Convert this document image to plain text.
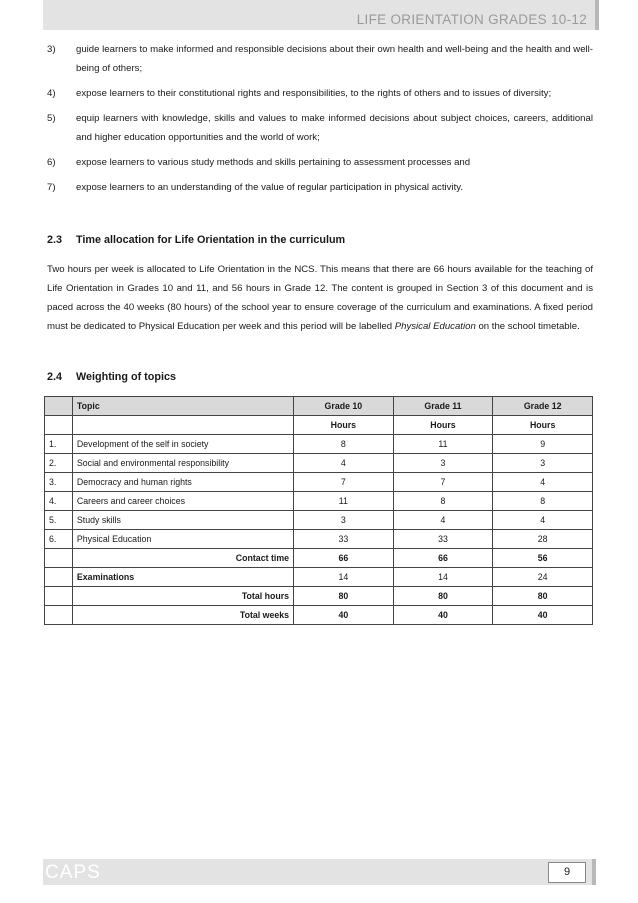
LIFE ORIENTATION GRADES 10-12
3)	guide learners to make informed and responsible decisions about their own health and well-being and the health and well-being of others;
4)	expose learners to their constitutional rights and responsibilities, to the rights of others and to issues of diversity;
5)	equip learners with knowledge, skills and values to make informed decisions about subject choices, careers, additional and higher education opportunities and the world of work;
6)	expose learners to various study methods and skills pertaining to assessment processes and
7)	expose learners to an understanding of the value of regular participation in physical activity.
2.3	Time allocation for Life Orientation in the curriculum

Two hours per week is allocated to Life Orientation in the NCS. This means that there are 66 hours available for the teaching of Life Orientation in Grades 10 and 11, and 56 hours in Grade 12. The content is grouped in Section 3 of this document and is paced across the 40 weeks (80 hours) of the school year to ensure coverage of the curriculum and examinations. A fixed period must be dedicated to Physical Education per week and this period will be labelled Physical Education on the school timetable.

2.4	Weighting of topics
	Topic	Grade 10	Grade 11	Grade 12
		Hours	Hours	Hours
1.	Development of the self in society	8	11	9
2.	Social and environmental responsibility	4	3	3
3.	Democracy and human rights	7	7	4
4.	Careers and career choices	11	8	8
5.	Study skills	3	4	4
6.	Physical Education	33	33	28
	Contact time	66	66	56
	Examinations	14	14	24
	Total hours	80	80	80
	Total weeks	40	40	40
CAPS	9
